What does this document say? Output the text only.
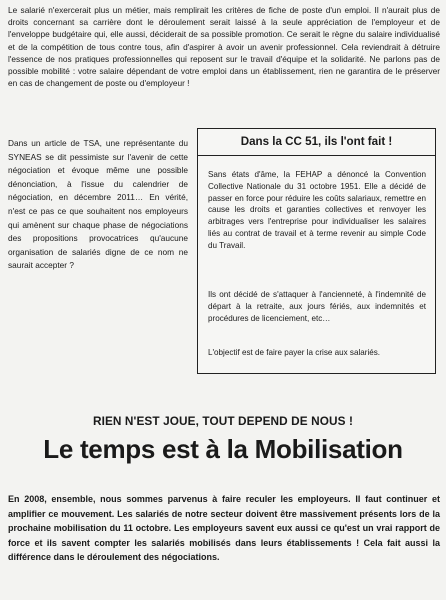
Le salarié n'exercerait plus un métier, mais remplirait les critères de fiche de poste d'un emploi. Il n'aurait plus de droits concernant sa carrière dont le déroulement serait laissé à la seule appréciation de l'employeur et de l'enveloppe budgétaire qui, elle aussi, déciderait de sa possible promotion. Ce serait le règne du salaire individualisé et de la compétition de tous contre tous, afin d'aspirer à avoir un avenir professionnel. Cela reviendrait à détruire l'essence de nos pratiques professionnelles qui reposent sur le travail d'équipe et la solidarité. Ne parlons pas de possible mobilité : votre salaire dépendant de votre emploi dans un établissement, rien ne garantira de le préserver en cas de changement de poste ou d'employeur !

Dans un article de TSA, une représentante du SYNEAS se dit pessimiste sur l'avenir de cette négociation et évoque même une possible dénonciation, à l'issue du calendrier de négociation, en décembre 2011… En vérité, n'est ce pas ce que souhaitent nos employeurs qui amènent sur chaque phase de négociations des propositions provocatrices qu'aucune organisation de salariés digne de ce nom ne saurait accepter ?

Dans la CC 51, ils l'ont fait !

Sans états d'âme, la FEHAP a dénoncé la Convention Collective Nationale du 31 octobre 1951. Elle a décidé de passer en force pour réduire les coûts salariaux, remettre en cause les droits et garanties collectives et renvoyer les arbitrages vers l'entreprise pour individualiser les salaires liés au contrat de travail et à terme revenir au simple Code du Travail.

Ils ont décidé de s'attaquer à l'ancienneté, à l'indemnité de départ à la retraite, aux jours fériés, aux indemnités et procédures de licenciement, etc…

L'objectif est de faire payer la crise aux salariés.

RIEN N'EST JOUE, TOUT DEPEND DE NOUS !
Le temps est à la Mobilisation

En 2008, ensemble, nous sommes parvenus à faire reculer les employeurs. Il faut continuer et amplifier ce mouvement. Les salariés de notre secteur doivent être massivement présents lors de la prochaine mobilisation du 11 octobre. Les employeurs savent eux aussi ce qu'est un vrai rapport de force et ils savent compter les salariés mobilisés dans leurs établissements ! Cela fait aussi la différence dans le déroulement des négociations.
